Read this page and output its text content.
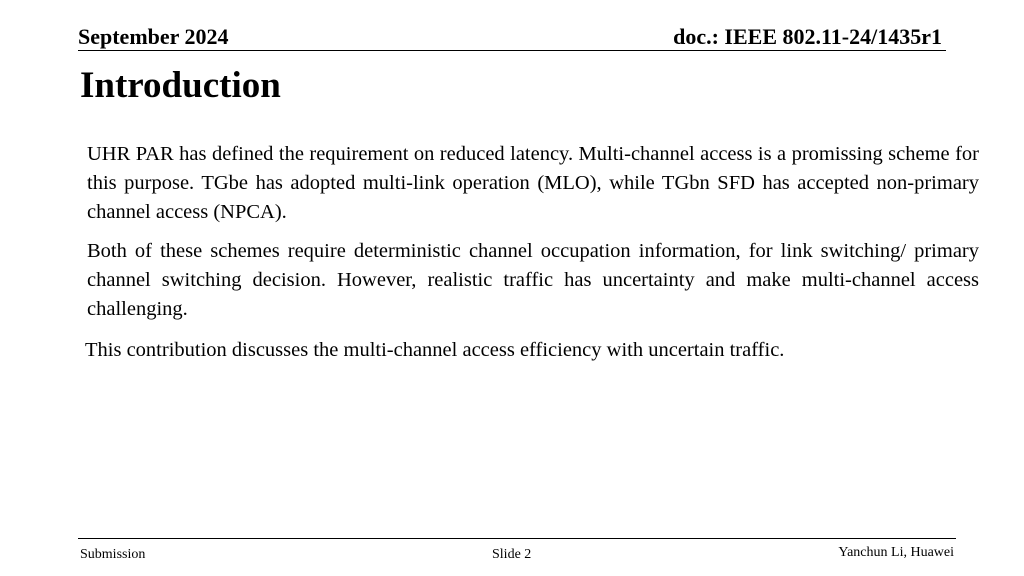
September 2024	doc.: IEEE 802.11-24/1435r1
Introduction

UHR PAR has defined the requirement on reduced latency. Multi-channel access is a promissing scheme for this purpose. TGbe has adopted multi-link operation (MLO), while TGbn SFD has accepted non-primary channel access (NPCA).

Both of these schemes require deterministic channel occupation information, for link switching/ primary channel switching decision. However, realistic traffic has uncertainty and make multi-channel access challenging.

This contribution discusses the multi-channel access efficiency with uncertain traffic.

Submission	Slide 2	Yanchun Li, Huawei
